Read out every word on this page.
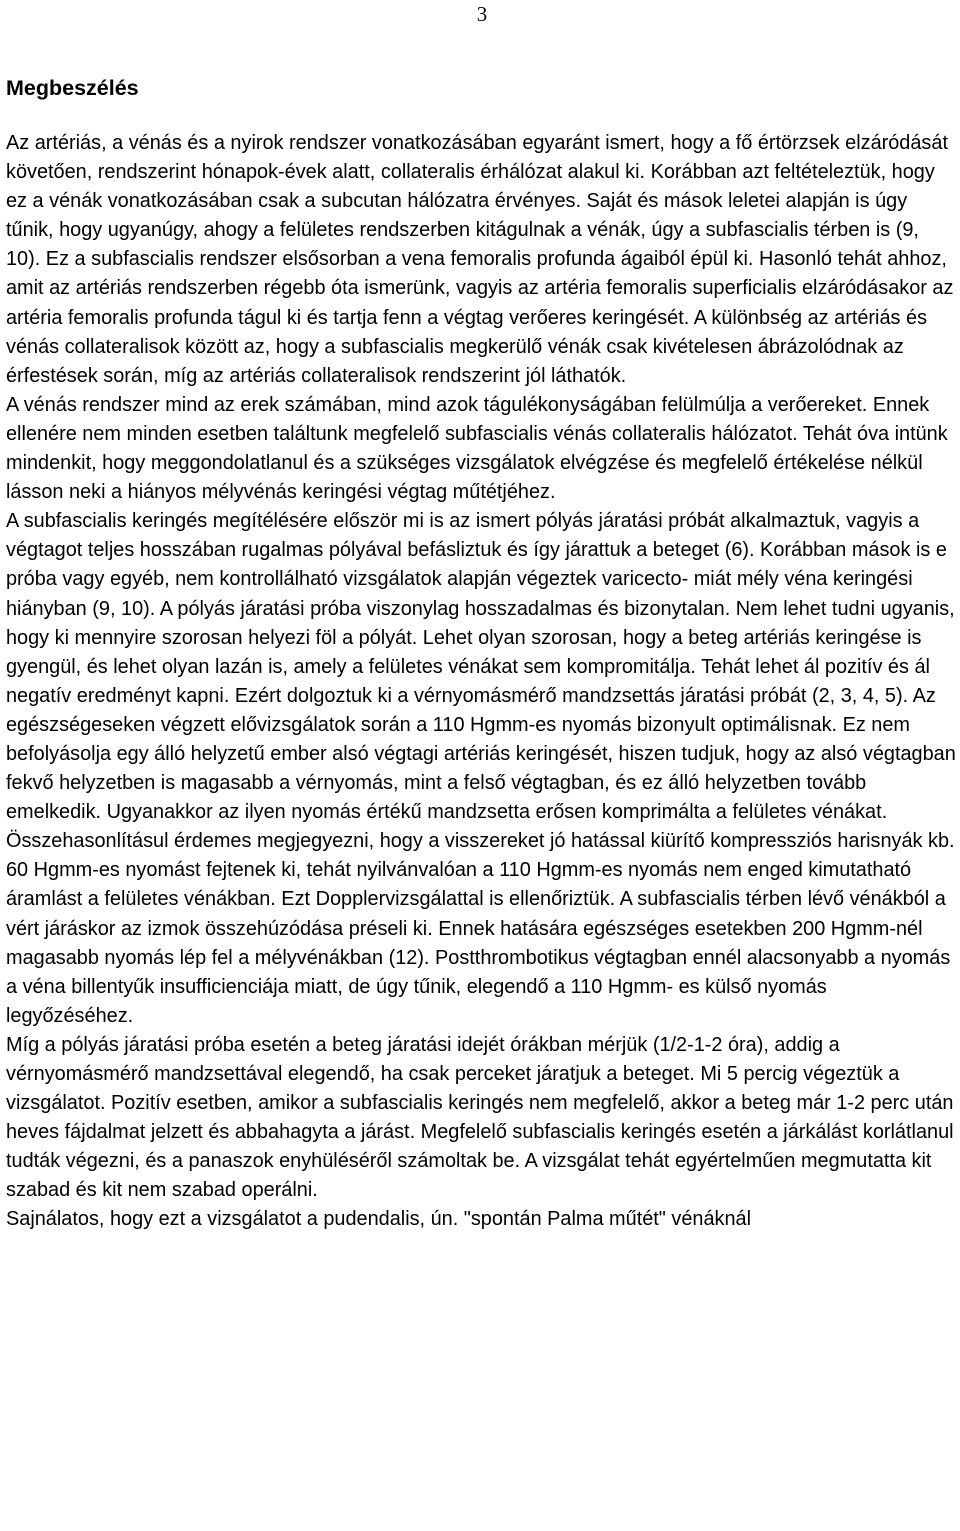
3
Megbeszélés

Az artériás, a vénás és a nyirok rendszer vonatkozásában egyaránt ismert, hogy a fő értörzsek elzáródását követően, rendszerint hónapok-évek alatt, collateralis érhálózat alakul ki. Korábban azt feltételeztük, hogy ez a vénák vonatkozásában csak a subcutan hálózatra érvényes. Saját és mások leletei alapján is úgy tűnik, hogy ugyanúgy, ahogy a felületes rendszerben kitágulnak a vénák, úgy a subfascialis térben is (9, 10). Ez a subfascialis rendszer elsősorban a vena femoralis profunda ágaiból épül ki. Hasonló tehát ahhoz, amit az artériás rendszerben régebb óta ismerünk, vagyis az artéria femoralis superficialis elzáródásakor az artéria femoralis profunda tágul ki és tartja fenn a végtag verőeres keringését. A különbség az artériás és vénás collateralisok között az, hogy a subfascialis megkerülő vénák csak kivételesen ábrázolódnak az érfestések során, míg az artériás collateralisok rendszerint jól láthatók.

A vénás rendszer mind az erek számában, mind azok tágulékonyságában felülmúlja a verőereket. Ennek ellenére nem minden esetben találtunk megfelelő subfascialis vénás collateralis hálózatot. Tehát óva intünk mindenkit, hogy meggondolatlanul és a szükséges vizsgálatok elvégzése és megfelelő értékelése nélkül lásson neki a hiányos mélyvénás keringési végtag műtétjéhez.

A subfascialis keringés megítélésére először mi is az ismert pólyás járatási próbát alkalmaztuk, vagyis a végtagot teljes hosszában rugalmas pólyával befásliztuk és így járattuk a beteget (6). Korábban mások is e próba vagy egyéb, nem kontrollálható vizsgálatok alapján végeztek varicecto- miát mély véna keringési hiányban (9, 10). A pólyás járatási próba viszonylag hosszadalmas és bizonytalan. Nem lehet tudni ugyanis, hogy ki mennyire szorosan helyezi föl a pólyát. Lehet olyan szorosan, hogy a beteg artériás keringése is gyengül, és lehet olyan lazán is, amely a felületes vénákat sem kompromitálja. Tehát lehet ál pozitív és ál negatív eredményt kapni. Ezért dolgoztuk ki a vérnyomásmérő mandzsettás járatási próbát (2, 3, 4, 5). Az egészségeseken végzett elővizsgálatok során a 110 Hgmm-es nyomás bizonyult optimálisnak. Ez nem befolyásolja egy álló helyzetű ember alsó végtagi artériás keringését, hiszen tudjuk, hogy az alsó végtagban fekvő helyzetben is magasabb a vérnyomás, mint a felső végtagban, és ez álló helyzetben tovább emelkedik. Ugyanakkor az ilyen nyomás értékű mandzsetta erősen komprimálta a felületes vénákat. Összehasonlításul érdemes megjegyezni, hogy a visszereket jó hatással kiürítő kompressziós harisnyák kb. 60 Hgmm-es nyomást fejtenek ki, tehát nyilvánvalóan a 110 Hgmm-es nyomás nem enged kimutatható áramlást a felületes vénákban. Ezt Dopplervizsgálattal is ellenőriztük. A subfascialis térben lévő vénákból a vért járáskor az izmok összehúzódása préseli ki. Ennek hatására egészséges esetekben 200 Hgmm-nél magasabb nyomás lép fel a mélyvénákban (12). Postthrombotikus végtagban ennél alacsonyabb a nyomás a véna billentyűk insufficienciája miatt, de úgy tűnik, elegendő a 110 Hgmm- es külső nyomás legyőzéséhez.

Míg a pólyás járatási próba esetén a beteg járatási idejét órákban mérjük (1/2-1-2 óra), addig a vérnyomásmérő mandzsettával elegendő, ha csak perceket járatjuk a beteget. Mi 5 percig végeztük a vizsgálatot. Pozitív esetben, amikor a subfascialis keringés nem megfelelő, akkor a beteg már 1-2 perc után heves fájdalmat jelzett és abbahagyta a járást. Megfelelő subfascialis keringés esetén a járkálást korlátlanul tudták végezni, és a panaszok enyhüléséről számoltak be. A vizsgálat tehát egyértelműen megmutatta kit szabad és kit nem szabad operálni.

Sajnálatos, hogy ezt a vizsgálatot a pudendalis, ún. "spontán Palma műtét" vénáknál
